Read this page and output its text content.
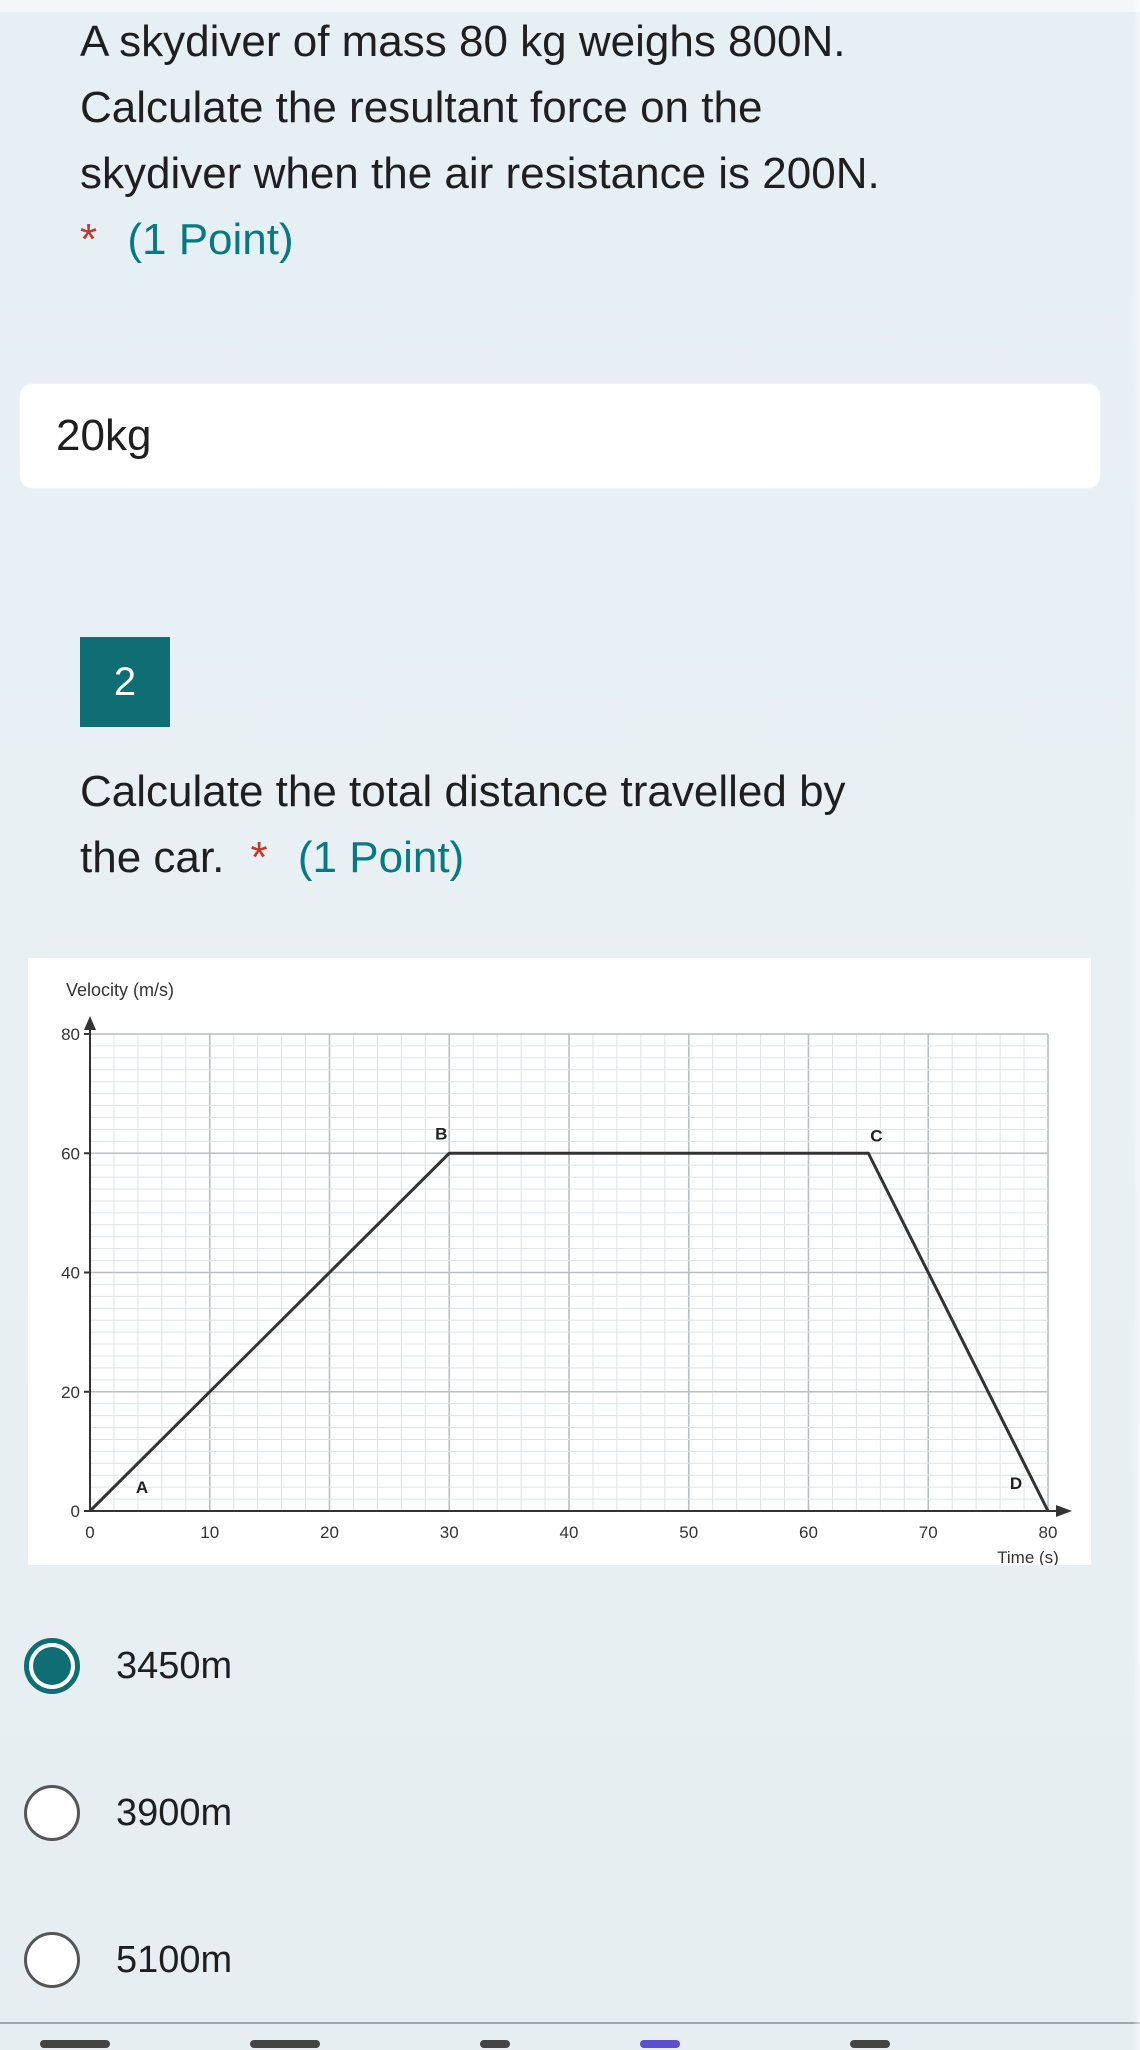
A skydiver of mass 80 kg weighs 800N.
Calculate the resultant force on the
skydiver when the air resistance is 200N.
* (1 Point)
20kg
2
Calculate the total distance travelled by
the car. * (1 Point)
0
20
40
60
80
0	10	20	30	40	50	60	70	80
Velocity (m/s)
Time (s)
A
B	C
D
3450m
3900m
5100m
